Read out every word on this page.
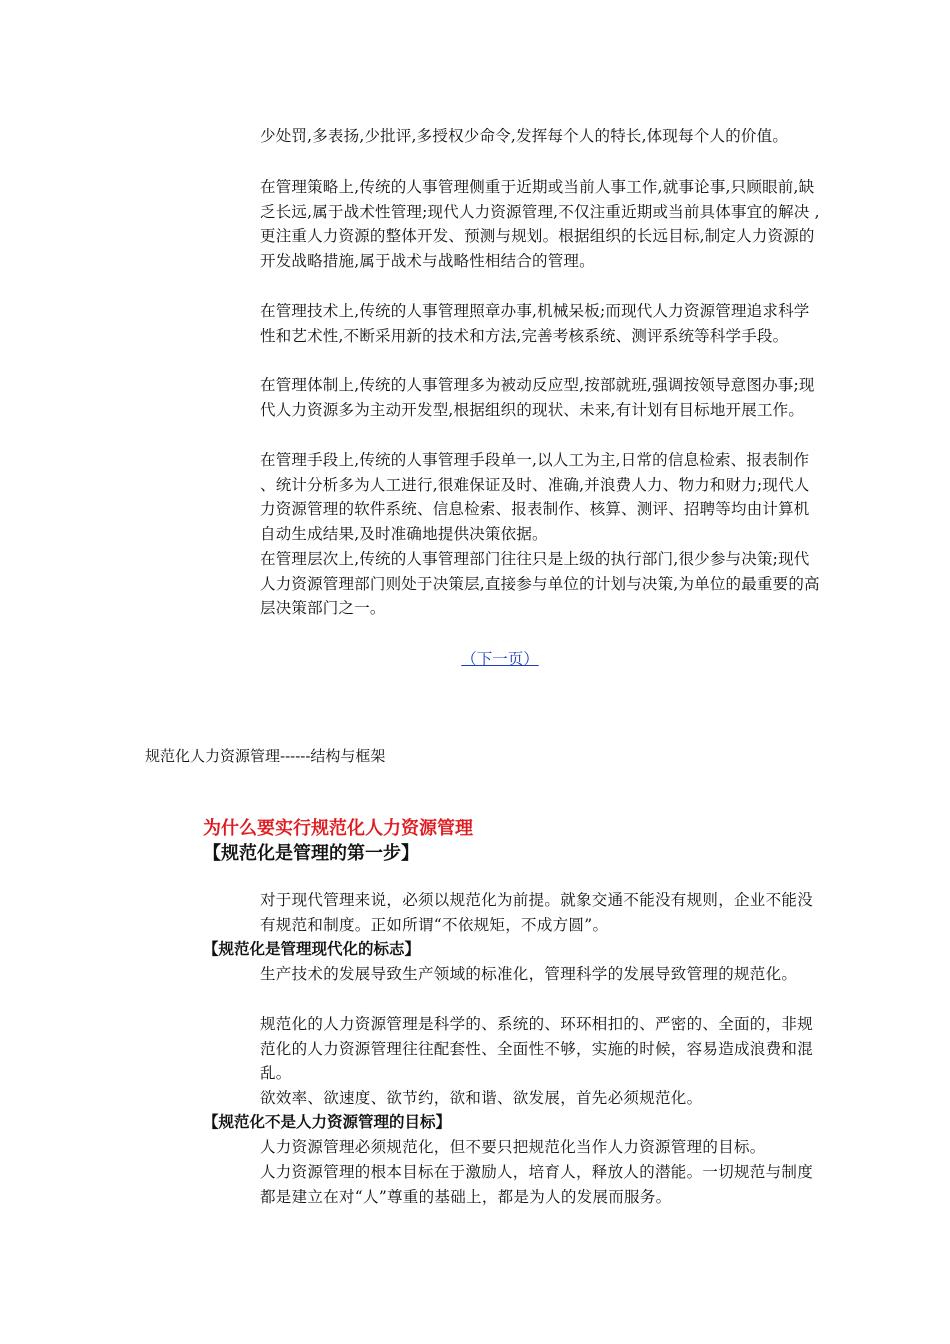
少处罚,多表扬,少批评,多授权少命令,发挥每个人的特长,体现每个人的价值。

在管理策略上,传统的人事管理侧重于近期或当前人事工作,就事论事,只顾眼前,缺 乏长远,属于战术性管理;现代人力资源管理,不仅注重近期或当前具体事宜的解决 ,更注重人力资源的整体开发、预测与规划。根据组织的长远目标,制定人力资源的开发战略措施,属于战术与战略性相结合的管理。

在管理技术上,传统的人事管理照章办事,机械呆板;而现代人力资源管理追求科学性和艺术性,不断采用新的技术和方法,完善考核系统、测评系统等科学手段。

在管理体制上,传统的人事管理多为被动反应型,按部就班,强调按领导意图办事;现代人力资源多为主动开发型,根据组织的现状、未来,有计划有目标地开展工作。

在管理手段上,传统的人事管理手段单一,以人工为主,日常的信息检索、报表制作 、统计分析多为人工进行,很难保证及时、准确,并浪费人力、物力和财力;现代人 力资源管理的软件系统、信息检索、报表制作、核算、测评、招聘等均由计算机自动生成结果,及时准确地提供决策依据。

在管理层次上,传统的人事管理部门往往只是上级的执行部门,很少参与决策;现代 人力资源管理部门则处于决策层,直接参与单位的计划与决策,为单位的最重要的高层决策部门之一。

（下一页）
规范化人力资源管理------结构与框架
为什么要实行规范化人力资源管理
【规范化是管理的第一步】

对于现代管理来说，必须以规范化为前提。就象交通不能没有规则，企业不能没有规范和制度。正如所谓“不依规矩，不成方圆”。

【规范化是管理现代化的标志】

生产技术的发展导致生产领域的标准化，管理科学的发展导致管理的规范化。

规范化的人力资源管理是科学的、系统的、环环相扣的、严密的、全面的，非规范化的人力资源管理往往配套性、全面性不够，实施的时候，容易造成浪费和混乱。

欲效率、欲速度、欲节约，欲和谐、欲发展，首先必须规范化。

【规范化不是人力资源管理的目标】

人力资源管理必须规范化，但不要只把规范化当作人力资源管理的目标。

人力资源管理的根本目标在于激励人，培育人，释放人的潜能。一切规范与制度都是建立在对“人”尊重的基础上，都是为人的发展而服务。
